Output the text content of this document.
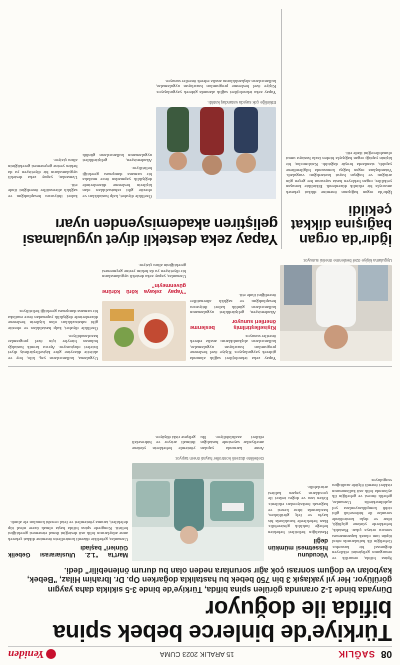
08
SAĞLIK
15 ARALIK 2023 CUMA
Yeniden
Türkiye'de binlerce bebek spina bifida ile doğuyor
Dünyada binde 1-2 oranında görülen spina bifida, Türkiye'de binde 3-5 sıklıkla daha yaygın görülüyor. Her yıl yaklaşık 3 bin 750 bebek bu hastalıkla doğarken Op. Dr. İbrahim Hilaz, "Bebek, kaybolan ve doğum sonrası çok ağır sorunlara neden olan bu durum önlenebilir" dedi.

Spina bifida, omurilik ve omurganın gelişimini etkileyen doğumsal bir kusurdur. Gebeliğin ilk haftalarında nöral tüpün tam olarak kapanmaması sonucu ortaya çıkar. Hastalık, bebeklerde yürüme güçlüğü, idrar ve dışkı kontrolünde sorunlar ile hidrosefali gibi ciddi komplikasyonlara yol açabilmektedir. Uzmanlar, gebelik öncesi ve gebeliğin ilk aylarında folik asit kullanımının riskleri önemli ölçüde azalttığını vurguluyor.

Vücudunu hissetmesi mümkün değil

Hastalığın belirtileri bebekten bebeğe farklılık gösterebilir. Bazı bebeklerde bacaklarda his kaybı ve felç görülürken, bazılarında idrar kesesi ve bağırsak fonksiyonları etkilenir. Erken tanı ve doğru tedavi ile çocukların yaşam kalitesi artırılabilir.

Gebelikte düzenli kontroller hayati önem taşıyor.

Anne karnında yapılan ameliyatlar sayesinde hastalığın etkileri azaltılabiliyor. Bu yöntemle bebeklerin yürüme ihtimali artıyor ve hidrosefali gelişme riski düşüyor.

Mart'ta "1.2. Uluslararası Gebelik Günleri" başladı

Uzmanlar, gebelikte düzenli kontrollerin önemine dikkat çekerek anne adaylarının folik asit desteğini ihmal etmemesi gerektiğini belirtti. Kongrede spina bifida başta olmak üzere nöral tüp defektleri, tarama yöntemleri ve fetal cerrahi konuları ele alındı.

Uygulama kişiye özel beslenme önerisi sunuyor.

Yapay zeka teknolojileri sağlık alanında giderek yaygınlaşıyor. Kişiye özel beslenme programları hazırlayan uygulamalar, kullanıcıların alışkanlıklarını analiz ederek öneriler sunuyor.

Kişiselleştirilmiş beslenme önerileri sunuyor

Akademisyen, geliştirdikleri uygulamanın kullanıcıların günlük kalori ihtiyacını hesapladığını ve sağlıklı alternatifler önerdiğini ifade etti.

"Yapay zekaya körü körüne güvenmeyin"

Uzmanlar, yapay zeka destekli uygulamaların bir diyetisyen ya da hekim yerine geçmemesi gerektiğinin altını çiziyor.

Uygulama, kullanıcıların yaş, kilo, boy ve aktivite düzeyine göre kişiselleştirilmiş diyet listeleri oluşturuyor. Ayrıca kronik hastalığı bulunan bireyler için özel programlar hazırlanabiliyor.

Özellikle diyabet, kalp hastalıkları ve obezite gibi rahatsızlıkları olan kişilerin beslenme düzenlerinde değişiklik yapmadan önce mutlaka bir uzmana danışması gerektiği belirtiliyor.

Yapay zeka destekli diyet uygulamasi geliştiren akademisyenden uyarı
İğdır'da organ bağışına dikkat çekildi

İğdır'da organ bağışının önemine dikkat çekmek amacıyla bir etkinlik düzenlendi. Etkinlikte konuşan yetkililer, organ bekleyen hasta sayısının her geçen gün arttığını ve bağışın hayat kurtardığını vurguladı. Vatandaşlara organ bağışı konusunda bilgilendirme yapıldı, stantlarda broşür dağıtıldı. Katılımcılar, bir kişinin yaptığı organ bağışıyla birden fazla hastaya umut olunabileceğini ifade etti.

Etkinliğe çok sayıda vatandaş katıldı.

Özellikle diyabet, kalp hastalıkları ve obezite gibi rahatsızlıkları olan kişilerin beslenme düzenlerinde değişiklik yapmadan önce mutlaka bir uzmana danışması gerektiği belirtiliyor.

Akademisyen, geliştirdikleri uygulamanın kullanıcıların günlük kalori ihtiyacını hesapladığını ve sağlıklı alternatifler önerdiğini ifade etti.

Uzmanlar, yapay zeka destekli uygulamaların bir diyetisyen ya da hekim yerine geçmemesi gerektiğinin altını çiziyor.

Yapay zeka teknolojileri sağlık alanında giderek yaygınlaşıyor. Kişiye özel beslenme programları hazırlayan uygulamalar, kullanıcıların alışkanlıklarını analiz ederek öneriler sunuyor.
